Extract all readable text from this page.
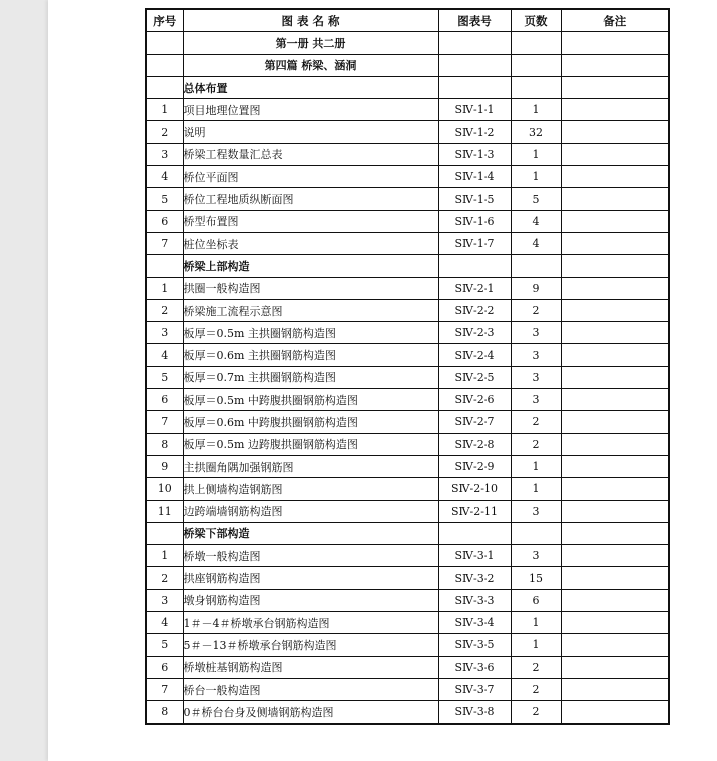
序号	图 表 名 称	图表号	页数	备注
	第一册 共二册			
	第四篇 桥梁、涵洞			
	总体布置			
1	项目地理位置图	SⅣ-1-1	1	
2	说明	SⅣ-1-2	32	
3	桥梁工程数量汇总表	SⅣ-1-3	1	
4	桥位平面图	SⅣ-1-4	1	
5	桥位工程地质纵断面图	SⅣ-1-5	5	
6	桥型布置图	SⅣ-1-6	4	
7	桩位坐标表	SⅣ-1-7	4	
	桥梁上部构造			
1	拱圈一般构造图	SⅣ-2-1	9	
2	桥梁施工流程示意图	SⅣ-2-2	2	
3	板厚＝0.5m 主拱圈钢筋构造图	SⅣ-2-3	3	
4	板厚＝0.6m 主拱圈钢筋构造图	SⅣ-2-4	3	
5	板厚＝0.7m 主拱圈钢筋构造图	SⅣ-2-5	3	
6	板厚＝0.5m 中跨腹拱圈钢筋构造图	SⅣ-2-6	3	
7	板厚＝0.6m 中跨腹拱圈钢筋构造图	SⅣ-2-7	2	
8	板厚＝0.5m 边跨腹拱圈钢筋构造图	SⅣ-2-8	2	
9	主拱圈角隅加强钢筋图	SⅣ-2-9	1	
10	拱上侧墙构造钢筋图	SⅣ-2-10	1	
11	边跨端墙钢筋构造图	SⅣ-2-11	3	
	桥梁下部构造			
1	桥墩一般构造图	SⅣ-3-1	3	
2	拱座钢筋构造图	SⅣ-3-2	15	
3	墩身钢筋构造图	SⅣ-3-3	6	
4	1＃－4＃桥墩承台钢筋构造图	SⅣ-3-4	1	
5	5＃－13＃桥墩承台钢筋构造图	SⅣ-3-5	1	
6	桥墩桩基钢筋构造图	SⅣ-3-6	2	
7	桥台一般构造图	SⅣ-3-7	2	
8	0＃桥台台身及侧墙钢筋构造图	SⅣ-3-8	2	
